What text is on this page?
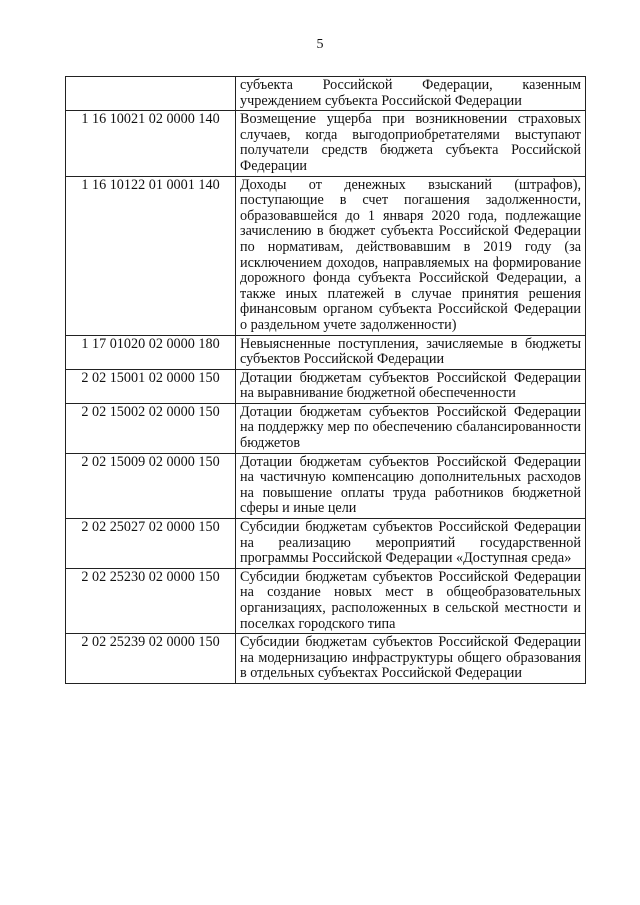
5
	субъекта Российской Федерации, казенным учреждением субъекта Российской Федерации
1 16 10021 02 0000 140	Возмещение ущерба при возникновении страховых случаев, когда выгодоприобретателями выступают получатели средств бюджета субъекта Российской Федерации
1 16 10122 01 0001 140	Доходы от денежных взысканий (штрафов), поступающие в счет погашения задолженности, образовавшейся до 1 января 2020 года, подлежащие зачислению в бюджет субъекта Российской Федерации по нормативам, действовавшим в 2019 году (за исключением доходов, направляемых на формирование дорожного фонда субъекта Российской Федерации, а также иных платежей в случае принятия решения финансовым органом субъекта Российской Федерации о раздельном учете задолженности)
1 17 01020 02 0000 180	Невыясненные поступления, зачисляемые в бюджеты субъектов Российской Федерации
2 02 15001 02 0000 150	Дотации бюджетам субъектов Российской Федерации на выравнивание бюджетной обеспеченности
2 02 15002 02 0000 150	Дотации бюджетам субъектов Российской Федерации на поддержку мер по обеспечению сбалансированности бюджетов
2 02 15009 02 0000 150	Дотации бюджетам субъектов Российской Федерации на частичную компенсацию дополнительных расходов на повышение оплаты труда работников бюджетной сферы и иные цели
2 02 25027 02 0000 150	Субсидии бюджетам субъектов Российской Федерации на реализацию мероприятий государственной программы Российской Федерации «Доступная среда»
2 02 25230 02 0000 150	Субсидии бюджетам субъектов Российской Федерации на создание новых мест в общеобразовательных организациях, расположенных в сельской местности и поселках городского типа
2 02 25239 02 0000 150	Субсидии бюджетам субъектов Российской Федерации на модернизацию инфраструктуры общего образования в отдельных субъектах Российской Федерации
